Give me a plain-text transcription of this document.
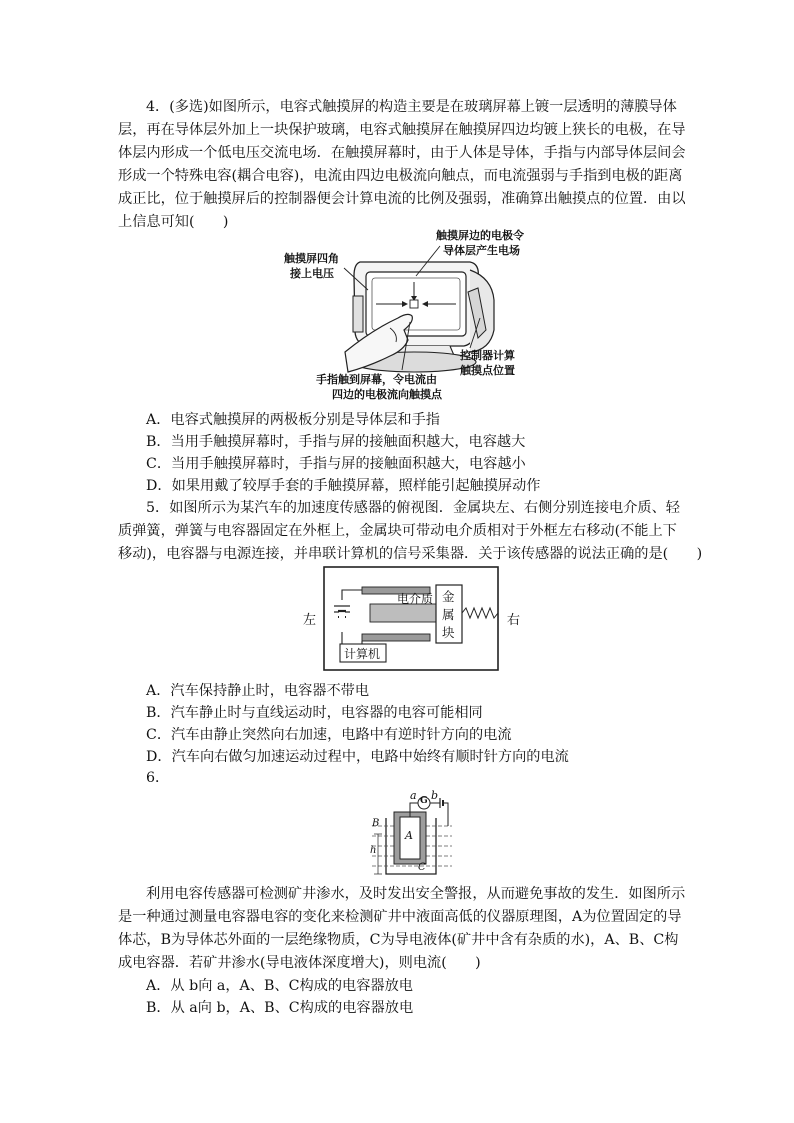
4．(多选)如图所示，电容式触摸屏的构造主要是在玻璃屏幕上镀一层透明的薄膜导体
层，再在导体层外加上一块保护玻璃，电容式触摸屏在触摸屏四边均镀上狭长的电极，在导
体层内形成一个低电压交流电场．在触摸屏幕时，由于人体是导体，手指与内部导体层间会
形成一个特殊电容(耦合电容)，电流由四边电极流向触点，而电流强弱与手指到电极的距离
成正比，位于触摸屏后的控制器便会计算电流的比例及强弱，准确算出触摸点的位置．由以
上信息可知(　　)
触摸屏四角
接上电压
触摸屏边的电极令
导体层产生电场
控制器计算
触摸点位置
手指触到屏幕，令电流由
四边的电极流向触摸点
A．电容式触摸屏的两极板分别是导体层和手指
B．当用手触摸屏幕时，手指与屏的接触面积越大，电容越大
C．当用手触摸屏幕时，手指与屏的接触面积越大，电容越小
D．如果用戴了较厚手套的手触摸屏幕，照样能引起触摸屏动作
5．如图所示为某汽车的加速度传感器的俯视图．金属块左、右侧分别连接电介质、轻
质弹簧，弹簧与电容器固定在外框上，金属块可带动电介质相对于外框左右移动(不能上下
移动)，电容器与电源连接，并串联计算机的信号采集器．关于该传感器的说法正确的是(　　)
左	右
电介质 金
属
块
计算机
A．汽车保持静止时，电容器不带电
B．汽车静止时与直线运动时，电容器的电容可能相同
C．汽车由静止突然向右加速，电路中有逆时针方向的电流
D．汽车向右做匀加速运动过程中，电路中始终有顺时针方向的电流
6．
a G b
B
A
h
C
利用电容传感器可检测矿井渗水，及时发出安全警报，从而避免事故的发生．如图所示
是一种通过测量电容器电容的变化来检测矿井中液面高低的仪器原理图，A为位置固定的导
体芯，B为导体芯外面的一层绝缘物质，C为导电液体(矿井中含有杂质的水)，A、B、C构
成电容器．若矿井渗水(导电液体深度增大)，则电流(　　)
A．从 b向 a，A、B、C构成的电容器放电
B．从 a向 b，A、B、C构成的电容器放电
